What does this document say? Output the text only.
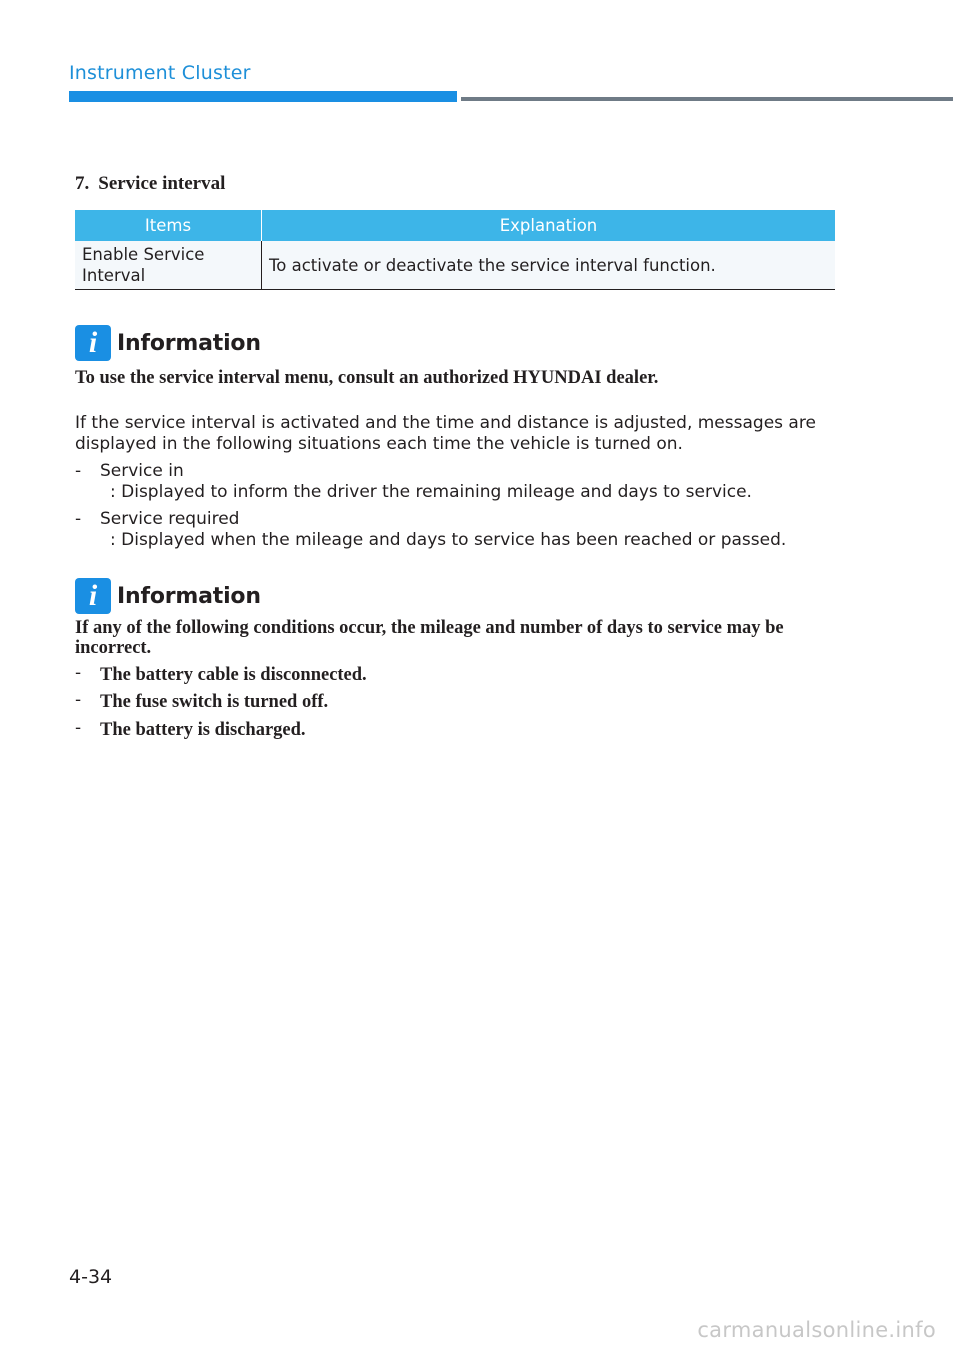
Instrument Cluster
7. Service interval
Items	Explanation
Enable Service
Interval	To activate or deactivate the service interval function.
i Information
To use the service interval menu, consult an authorized HYUNDAI dealer.
If the service interval is activated and the time and distance is adjusted, messages are displayed in the following situations each time the vehicle is turned on.
- Service in
: Displayed to inform the driver the remaining mileage and days to service.
- Service required
: Displayed when the mileage and days to service has been reached or passed.
i Information
If any of the following conditions occur, the mileage and number of days to service may be incorrect.
- The battery cable is disconnected.
- The fuse switch is turned off.
- The battery is discharged.
4-34
carmanualsonline.info
